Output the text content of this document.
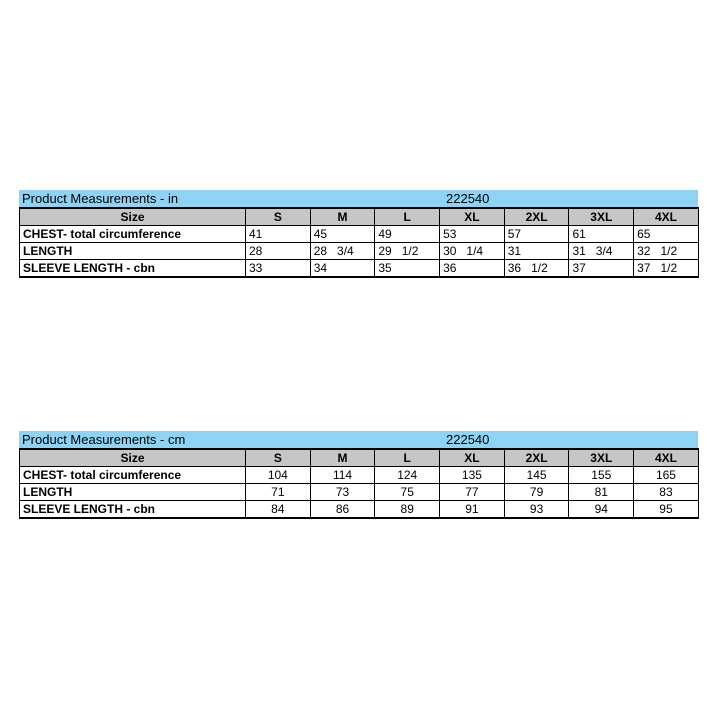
Product Measurements - in	222540
Size	S	M	L	XL	2XL	3XL	4XL
CHEST- total circumference	41	45	49	53	57	61	65
LENGTH	28	28   3/4	29   1/2	30   1/4	31	31   3/4	32   1/2
SLEEVE LENGTH - cbn	33	34	35	36	36   1/2	37	37   1/2
Product Measurements - cm	222540
Size	S	M	L	XL	2XL	3XL	4XL
CHEST- total circumference	104	114	124	135	145	155	165
LENGTH	71	73	75	77	79	81	83
SLEEVE LENGTH - cbn	84	86	89	91	93	94	95
